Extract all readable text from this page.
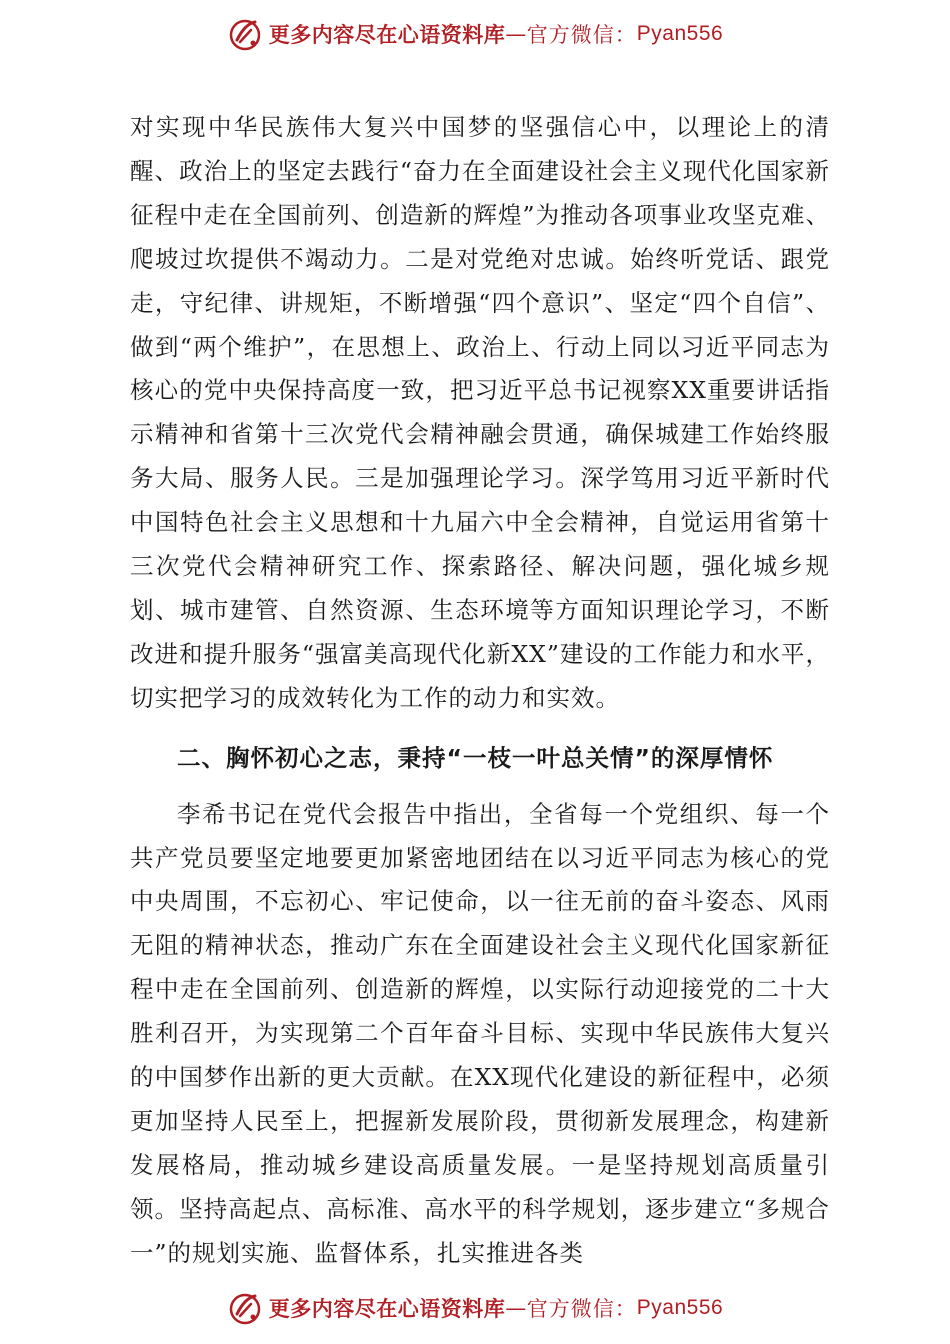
更多内容尽在心语资料库 — 官方微信： Pyan556

对实现中华民族伟大复兴中国梦的坚强信心中，以理论上的清醒、政治上的坚定去践行“奋力在全面建设社会主义现代化国家新征程中走在全国前列、创造新的辉煌”为推动各项事业攻坚克难、爬坡过坎提供不竭动力。二是对党绝对忠诚。始终听党话、跟党走，守纪律、讲规矩，不断增强“四个意识”、坚定“四个自信”、做到“两个维护”，在思想上、政治上、行动上同以习近平同志为核心的党中央保持高度一致，把习近平总书记视察XX重要讲话指示精神和省第十三次党代会精神融会贯通，确保城建工作始终服务大局、服务人民。三是加强理论学习。深学笃用习近平新时代中国特色社会主义思想和十九届六中全会精神，自觉运用省第十三次党代会精神研究工作、探索路径、解决问题，强化城乡规划、城市建管、自然资源、生态环境等方面知识理论学习，不断改进和提升服务“强富美高现代化新XX”建设的工作能力和水平，切实把学习的成效转化为工作的动力和实效。

二、胸怀初心之志，秉持“一枝一叶总关情”的深厚情怀

李希书记在党代会报告中指出，全省每一个党组织、每一个共产党员要坚定地要更加紧密地团结在以习近平同志为核心的党中央周围，不忘初心、牢记使命，以一往无前的奋斗姿态、风雨无阻的精神状态，推动广东在全面建设社会主义现代化国家新征程中走在全国前列、创造新的辉煌，以实际行动迎接党的二十大胜利召开，为实现第二个百年奋斗目标、实现中华民族伟大复兴的中国梦作出新的更大贡献。在XX现代化建设的新征程中，必须更加坚持人民至上，把握新发展阶段，贯彻新发展理念，构建新发展格局，推动城乡建设高质量发展。一是坚持规划高质量引领。坚持高起点、高标准、高水平的科学规划，逐步建立“多规合一”的规划实施、监督体系，扎实推进各类

更多内容尽在心语资料库 — 官方微信： Pyan556
